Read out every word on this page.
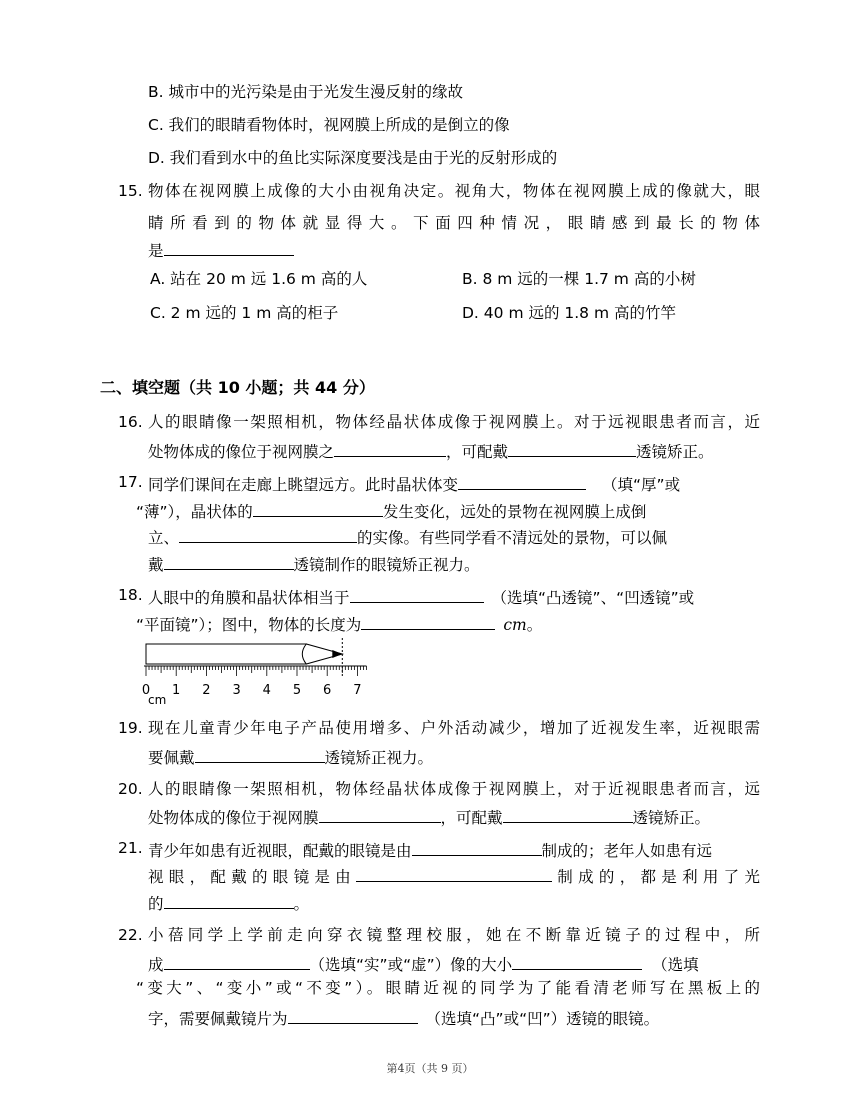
B. 城市中的光污染是由于光发生漫反射的缘故
C. 我们的眼睛看物体时，视网膜上所成的是倒立的像
D. 我们看到水中的鱼比实际深度要浅是由于光的反射形成的
15. 物体在视网膜上成像的大小由视角决定。视角大，物体在视网膜上成的像就大，眼
睛所看到的物体就显得大。下面四种情况，眼睛感到最长的物体
是
A. 站在 20 m 远 1.6 m 高的人	B. 8 m 远的一棵 1.7 m 高的小树
C. 2 m 远的 1 m 高的柜子	D. 40 m 远的 1.8 m 高的竹竿
二、填空题（共 10 小题；共 44 分）
16. 人的眼睛像一架照相机，物体经晶状体成像于视网膜上。对于远视眼患者而言，近
处物体成的像位于视网膜之	，可配戴	透镜矫正。
17. 同学们课间在走廊上眺望远方。此时晶状体变	（填“厚”或
“薄”），晶状体的	发生变化，远处的景物在视网膜上成倒
立、	的实像。有些同学看不清远处的景物，可以佩
戴	透镜制作的眼镜矫正视力。
18. 人眼中的角膜和晶状体相当于	（选填“凸透镜”、“凹透镜”或
“平面镜”）；图中，物体的长度为	cm。
0 1 2 3 4 5 6 7
cm
19. 现在儿童青少年电子产品使用增多、户外活动减少，增加了近视发生率，近视眼需
要佩戴	透镜矫正视力。
20. 人的眼睛像一架照相机，物体经晶状体成像于视网膜上，对于近视眼患者而言，远
处物体成的像位于视网膜	，可配戴	透镜矫正。
21. 青少年如患有近视眼，配戴的眼镜是由	制成的；老年人如患有远
视眼，配戴的眼镜是由	制成的，都是利用了光
的	。
22. 小蓓同学上学前走向穿衣镜整理校服，她在不断靠近镜子的过程中，所
成	（选填“实”或“虚”）像的大小	（选填
“变大”、“变小”或“不变”）。眼睛近视的同学为了能看清老师写在黑板上的
字，需要佩戴镜片为	（选填“凸”或“凹”）透镜的眼镜。
第4页（共 9 页）
